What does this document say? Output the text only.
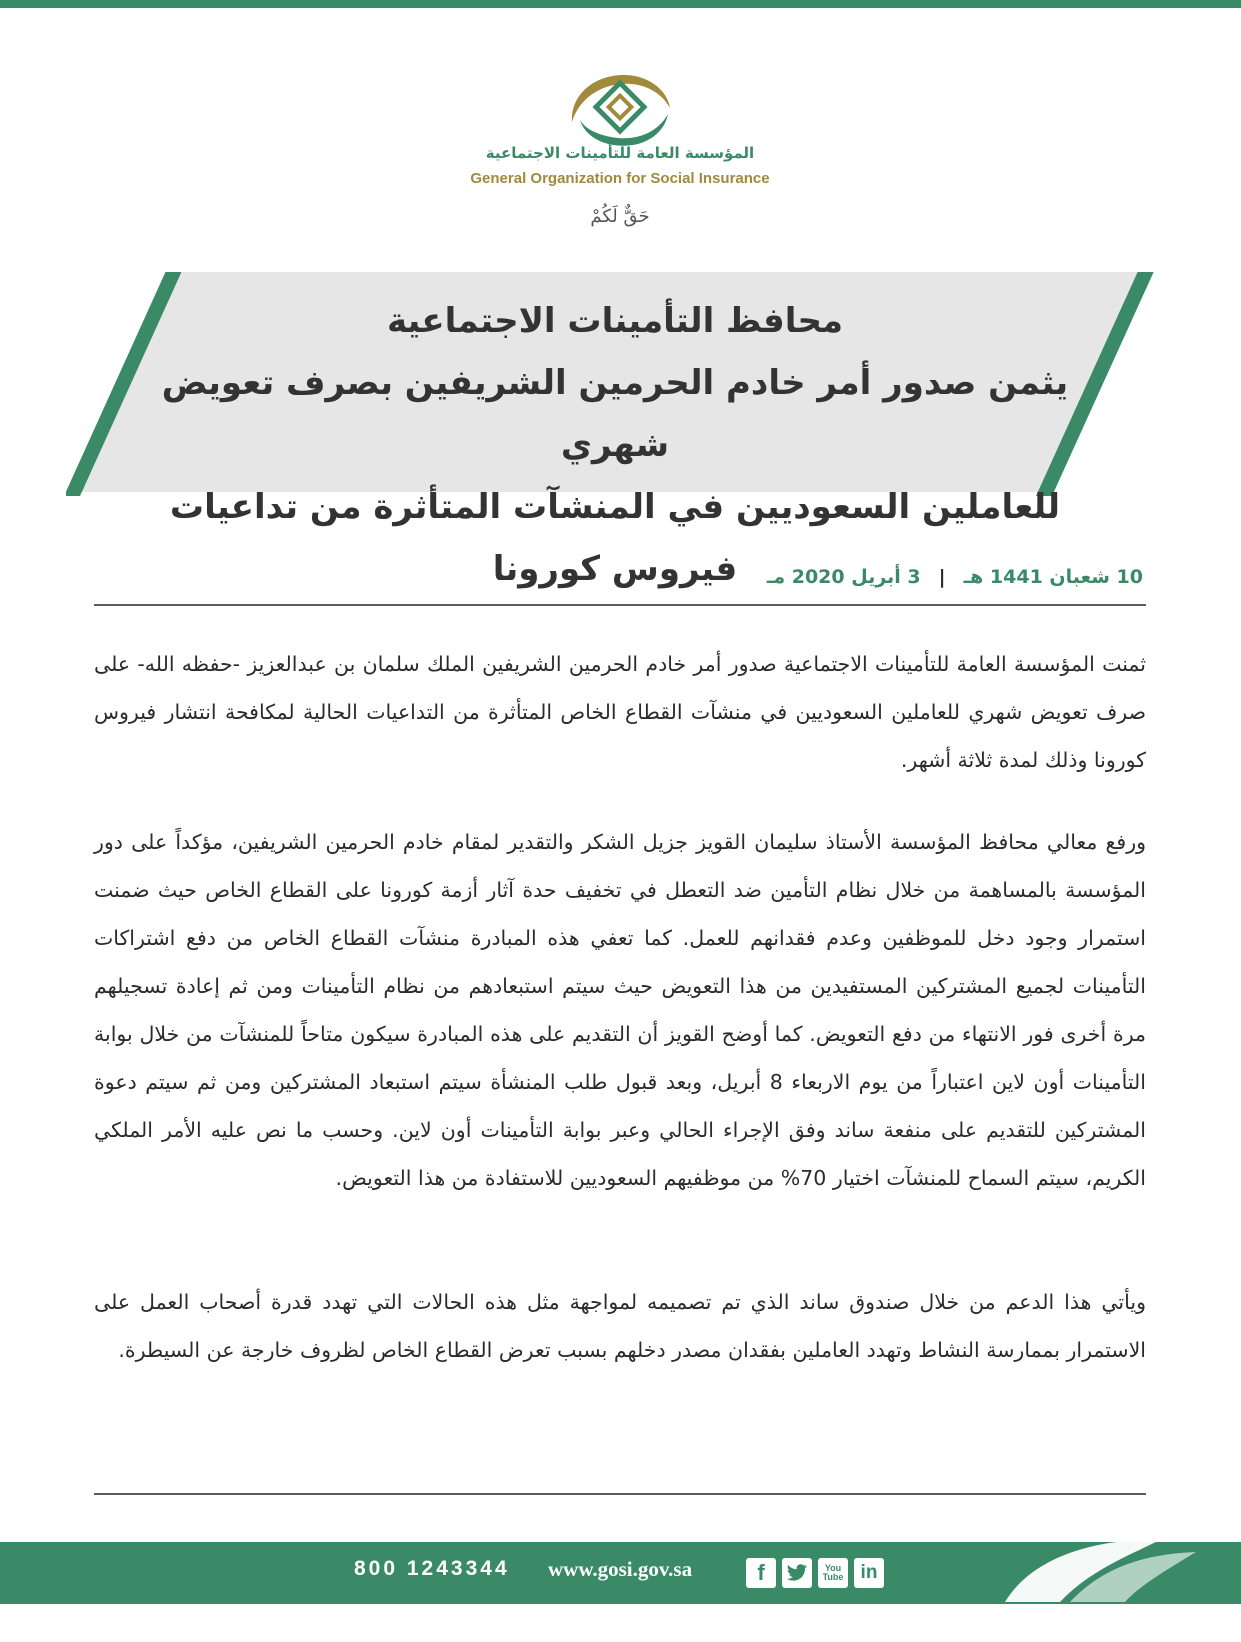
المؤسسة العامة للتأمينات الاجتماعية
General Organization for Social Insurance
حَقٌّ لَكُمْ
محافظ التأمينات الاجتماعية
يثمن صدور أمر خادم الحرمين الشريفين بصرف تعويض شهري
للعاملين السعوديين في المنشآت المتأثرة من تداعيات فيروس كورونا	10 شعبان 1441 هـ|3 أبريل 2020 مـ
ثمنت المؤسسة العامة للتأمينات الاجتماعية صدور أمر خادم الحرمين الشريفين الملك سلمان بن عبدالعزيز -حفظه الله- على صرف تعويض شهري للعاملين السعوديين في منشآت القطاع الخاص المتأثرة من التداعيات الحالية لمكافحة انتشار فيروس كورونا وذلك لمدة ثلاثة أشهر.
ورفع معالي محافظ المؤسسة الأستاذ سليمان القويز جزيل الشكر والتقدير لمقام خادم الحرمين الشريفين، مؤكداً على دور المؤسسة بالمساهمة من خلال نظام التأمين ضد التعطل في تخفيف حدة آثار أزمة كورونا على القطاع الخاص حيث ضمنت استمرار وجود دخل للموظفين وعدم فقدانهم للعمل. كما تعفي هذه المبادرة منشآت القطاع الخاص من دفع اشتراكات التأمينات لجميع المشتركين المستفيدين من هذا التعويض حيث سيتم استبعادهم من نظام التأمينات ومن ثم إعادة تسجيلهم مرة أخرى فور الانتهاء من دفع التعويض. كما أوضح القويز أن التقديم على هذه المبادرة سيكون متاحاً للمنشآت من خلال بوابة التأمينات أون لاين اعتباراً من يوم الاربعاء 8 أبريل، وبعد قبول طلب المنشأة سيتم استبعاد المشتركين ومن ثم سيتم دعوة المشتركين للتقديم على منفعة ساند وفق الإجراء الحالي وعبر بوابة التأمينات أون لاين. وحسب ما نص عليه الأمر الملكي الكريم، سيتم السماح للمنشآت اختيار 70% من موظفيهم السعوديين للاستفادة من هذا التعويض.
ويأتي هذا الدعم من خلال صندوق ساند الذي تم تصميمه لمواجهة مثل هذه الحالات التي تهدد قدرة أصحاب العمل على الاستمرار بممارسة النشاط وتهدد العاملين بفقدان مصدر دخلهم بسبب تعرض القطاع الخاص لظروف خارجة عن السيطرة.
800 1243344 www.gosi.gov.sa	f	You Tube in
